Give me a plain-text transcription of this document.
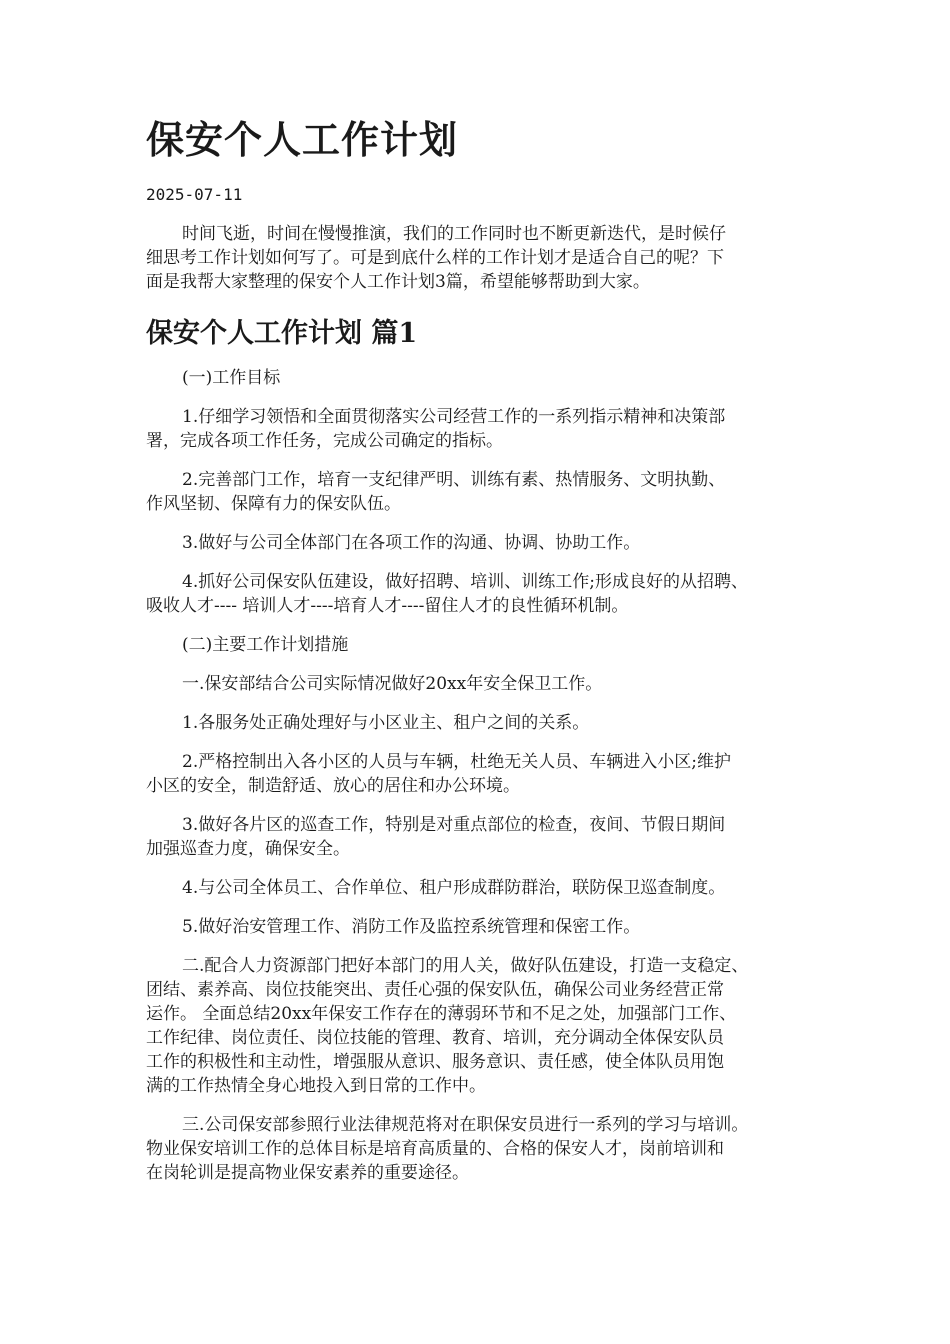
保安个人工作计划
2025-07-11

时间飞逝，时间在慢慢推演，我们的工作同时也不断更新迭代，是时候仔
细思考工作计划如何写了。可是到底什么样的工作计划才是适合自己的呢？下
面是我帮大家整理的保安个人工作计划3篇，希望能够帮助到大家。

保安个人工作计划 篇1

(一)工作目标

1.仔细学习领悟和全面贯彻落实公司经营工作的一系列指示精神和决策部
署，完成各项工作任务，完成公司确定的指标。

2.完善部门工作，培育一支纪律严明、训练有素、热情服务、文明执勤、
作风坚韧、保障有力的保安队伍。

3.做好与公司全体部门在各项工作的沟通、协调、协助工作。

4.抓好公司保安队伍建设，做好招聘、培训、训练工作;形成良好的从招聘、
吸收人才---- 培训人才----培育人才----留住人才的良性循环机制。

(二)主要工作计划措施

一.保安部结合公司实际情况做好20xx年安全保卫工作。

1.各服务处正确处理好与小区业主、租户之间的关系。

2.严格控制出入各小区的人员与车辆，杜绝无关人员、车辆进入小区;维护
小区的安全，制造舒适、放心的居住和办公环境。

3.做好各片区的巡查工作，特别是对重点部位的检查，夜间、节假日期间
加强巡查力度，确保安全。

4.与公司全体员工、合作单位、租户形成群防群治，联防保卫巡查制度。

5.做好治安管理工作、消防工作及监控系统管理和保密工作。

二.配合人力资源部门把好本部门的用人关，做好队伍建设，打造一支稳定、
团结、素养高、岗位技能突出、责任心强的保安队伍，确保公司业务经营正常
运作。 全面总结20xx年保安工作存在的薄弱环节和不足之处，加强部门工作、
工作纪律、岗位责任、岗位技能的管理、教育、培训，充分调动全体保安队员
工作的积极性和主动性，增强服从意识、服务意识、责任感，使全体队员用饱
满的工作热情全身心地投入到日常的工作中。

三.公司保安部参照行业法律规范将对在职保安员进行一系列的学习与培训。
物业保安培训工作的总体目标是培育高质量的、合格的保安人才，岗前培训和
在岗轮训是提高物业保安素养的重要途径。
